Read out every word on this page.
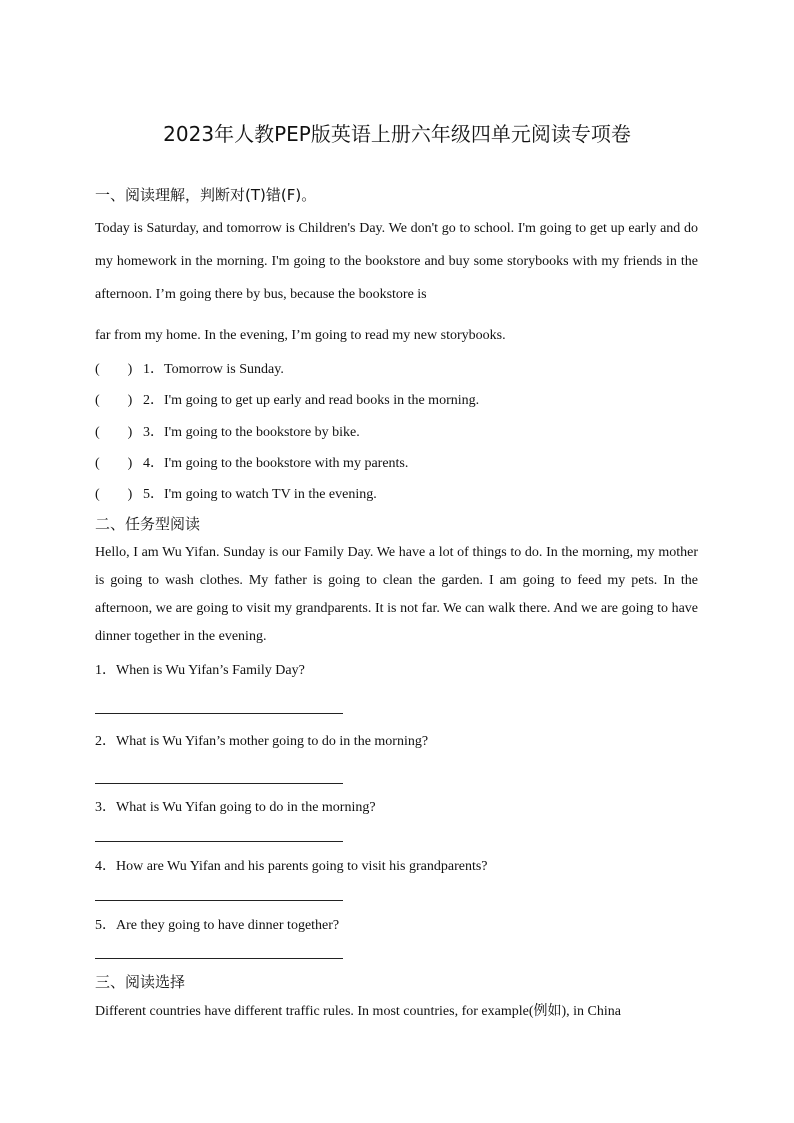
2023年人教PEP版英语上册六年级四单元阅读专项卷
一、阅读理解，判断对(T)错(F)。
Today is Saturday, and tomorrow is Children's Day. We don't go to school. I'm going to get up early and do my homework in the morning. I'm going to the bookstore and buy some storybooks with my friends in the afternoon. I’m going there by bus, because the bookstore is
far from my home. In the evening, I’m going to read my new storybooks.
(        ) 1．Tomorrow is Sunday.
(        ) 2．I'm going to get up early and read books in the morning.
(        ) 3．I'm going to the bookstore by bike.
(        ) 4．I'm going to the bookstore with my parents.
(        ) 5．I'm going to watch TV in the evening.
二、任务型阅读
Hello, I am Wu Yifan. Sunday is our Family Day. We have a lot of things to do. In the morning, my mother is going to wash clothes. My father is going to clean the garden. I am going to feed my pets. In the afternoon, we are going to visit my grandparents. It is not far. We can walk there. And we are going to have dinner together in the evening.
1．When is Wu Yifan’s Family Day?
2．What is Wu Yifan’s mother going to do in the morning?
3．What is Wu Yifan going to do in the morning?
4．How are Wu Yifan and his parents going to visit his grandparents?
5．Are they going to have dinner together?
三、阅读选择
Different countries have different traffic rules. In most countries, for example(例如), in China
